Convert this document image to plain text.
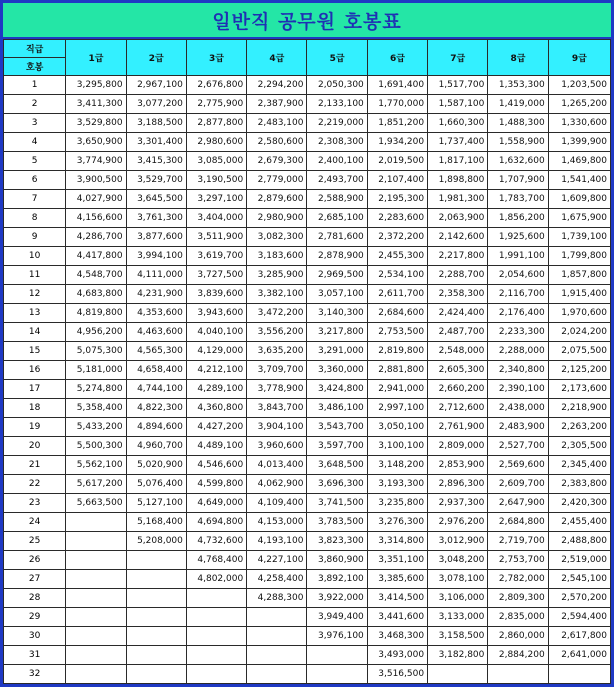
일반직 공무원 호봉표
직급	1급	2급	3급	4급	5급	6급	7급	8급	9급
호봉									
1	3,295,800	2,967,100	2,676,800	2,294,200	2,050,300	1,691,400	1,517,700	1,353,300	1,203,500
2	3,411,300	3,077,200	2,775,900	2,387,900	2,133,100	1,770,000	1,587,100	1,419,000	1,265,200
3	3,529,800	3,188,500	2,877,800	2,483,100	2,219,000	1,851,200	1,660,300	1,488,300	1,330,600
4	3,650,900	3,301,400	2,980,600	2,580,600	2,308,300	1,934,200	1,737,400	1,558,900	1,399,900
5	3,774,900	3,415,300	3,085,000	2,679,300	2,400,100	2,019,500	1,817,100	1,632,600	1,469,800
6	3,900,500	3,529,700	3,190,500	2,779,000	2,493,700	2,107,400	1,898,800	1,707,900	1,541,400
7	4,027,900	3,645,500	3,297,100	2,879,600	2,588,900	2,195,300	1,981,300	1,783,700	1,609,800
8	4,156,600	3,761,300	3,404,000	2,980,900	2,685,100	2,283,600	2,063,900	1,856,200	1,675,900
9	4,286,700	3,877,600	3,511,900	3,082,300	2,781,600	2,372,200	2,142,600	1,925,600	1,739,100
10	4,417,800	3,994,100	3,619,700	3,183,600	2,878,900	2,455,300	2,217,800	1,991,100	1,799,800
11	4,548,700	4,111,000	3,727,500	3,285,900	2,969,500	2,534,100	2,288,700	2,054,600	1,857,800
12	4,683,800	4,231,900	3,839,600	3,382,100	3,057,100	2,611,700	2,358,300	2,116,700	1,915,400
13	4,819,800	4,353,600	3,943,600	3,472,200	3,140,300	2,684,600	2,424,400	2,176,400	1,970,600
14	4,956,200	4,463,600	4,040,100	3,556,200	3,217,800	2,753,500	2,487,700	2,233,300	2,024,200
15	5,075,300	4,565,300	4,129,000	3,635,200	3,291,000	2,819,800	2,548,000	2,288,000	2,075,500
16	5,181,000	4,658,400	4,212,100	3,709,700	3,360,000	2,881,800	2,605,300	2,340,800	2,125,200
17	5,274,800	4,744,100	4,289,100	3,778,900	3,424,800	2,941,000	2,660,200	2,390,100	2,173,600
18	5,358,400	4,822,300	4,360,800	3,843,700	3,486,100	2,997,100	2,712,600	2,438,000	2,218,900
19	5,433,200	4,894,600	4,427,200	3,904,100	3,543,700	3,050,100	2,761,900	2,483,900	2,263,200
20	5,500,300	4,960,700	4,489,100	3,960,600	3,597,700	3,100,100	2,809,000	2,527,700	2,305,500
21	5,562,100	5,020,900	4,546,600	4,013,400	3,648,500	3,148,200	2,853,900	2,569,600	2,345,400
22	5,617,200	5,076,400	4,599,800	4,062,900	3,696,300	3,193,300	2,896,300	2,609,700	2,383,800
23	5,663,500	5,127,100	4,649,000	4,109,400	3,741,500	3,235,800	2,937,300	2,647,900	2,420,300
24		5,168,400	4,694,800	4,153,000	3,783,500	3,276,300	2,976,200	2,684,800	2,455,400
25		5,208,000	4,732,600	4,193,100	3,823,300	3,314,800	3,012,900	2,719,700	2,488,800
26			4,768,400	4,227,100	3,860,900	3,351,100	3,048,200	2,753,700	2,519,000
27			4,802,000	4,258,400	3,892,100	3,385,600	3,078,100	2,782,000	2,545,100
28				4,288,300	3,922,000	3,414,500	3,106,000	2,809,300	2,570,200
29					3,949,400	3,441,600	3,133,000	2,835,000	2,594,400
30					3,976,100	3,468,300	3,158,500	2,860,000	2,617,800
31						3,493,000	3,182,800	2,884,200	2,641,000
32						3,516,500			
